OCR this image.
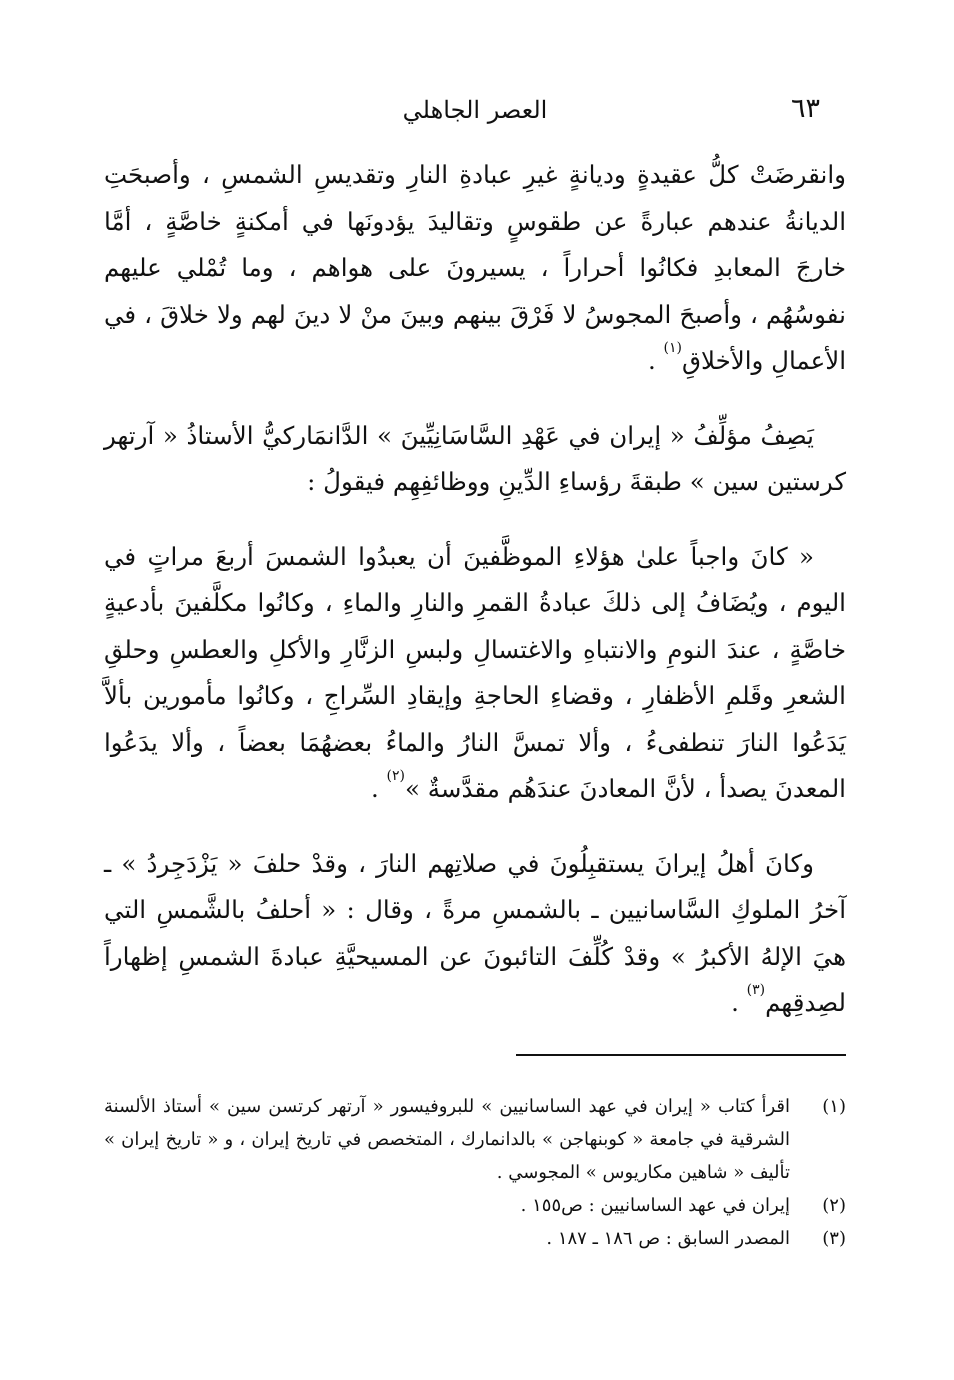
٦٣
العصر الجاهلي

وانقرضَتْ كلُّ عقيدةٍ وديانةٍ غيرِ عبادةِ النارِ وتقديسِ الشمسِ ، وأصبحَتِ الديانةُ عندهم عبارةً عن طقوسٍ وتقاليدَ يؤدونَها في أمكنةٍ خاصَّةٍ ، أمَّا خارجَ المعابدِ فكانُوا أحراراً ، يسيرونَ على هواهم ، وما تُمْلي عليهم نفوسُهُم ، وأصبحَ المجوسُ لا فَرْقَ بينهم وبينَ منْ لا دينَ لهم ولا خلاقَ ، في الأعمالِ والأخلاقِ$^{(١)}$ .

يَصِفُ مؤلِّفُ « إيران في عَهْدِ السَّاسَانِيِّينَ » الدَّانمَاركيُّ الأستاذُ « آرتهر كرستين سين » طبقةَ رؤساءِ الدِّينِ ووظائفِهِم فيقولُ :

« كانَ واجباً علىٰ هؤلاءِ الموظَّفينَ أن يعبدُوا الشمسَ أربعَ مراتٍ في اليوم ، ويُضَافُ إلى ذلكَ عبادةُ القمرِ والنارِ والماءِ ، وكانُوا مكلَّفينَ بأدعيةٍ خاصَّةٍ ، عندَ النومِ والانتباهِ والاغتسالِ ولبسِ الزنَّارِ والأكلِ والعطسِ وحلقِ الشعرِ وقَلمِ الأظفارِ ، وقضاءِ الحاجةِ وإيقادِ السِّراجِ ، وكانُوا مأمورين بألاَّ يَدَعُوا النارَ تنطفىءُ ، وألا تمسَّ النارُ والماءُ بعضهُمَا بعضاً ، وألا يدَعُوا المعدنَ يصدأ ، لأنَّ المعادنَ عندَهُم مقدَّسةٌ »$^{(٢)}$ .

وكانَ أهلُ إيرانَ يستقبِلُونَ في صلاتِهم النارَ ، وقدْ حلفَ « يَزْدَجِردُ » ـ آخرُ الملوكِ السَّاسانيين ـ بالشمسِ مرةً ، وقال : « أحلفُ بالشَّمسِ التي هيَ الإلهُ الأكبرُ » وقدْ كُلِّفَ التائبونَ عن المسيحيَّةِ عبادةَ الشمسِ إظهاراً لصِدقِهم$^{(٣)}$ .

(١)
اقرأ كتاب « إيران في عهد الساسانيين » للبروفيسور « آرتهر كرتسن سين » أستاذ الألسنة الشرقية في جامعة « كوبنهاجن » بالدانمارك ، المتخصص في تاريخ إيران ، و « تاريخ إيران » تأليف « شاهين مكاريوس » المجوسي .
(٢)
إيران في عهد الساسانيين : ص١٥٥ .
(٣)
المصدر السابق : ص ١٨٦ ـ ١٨٧ .
